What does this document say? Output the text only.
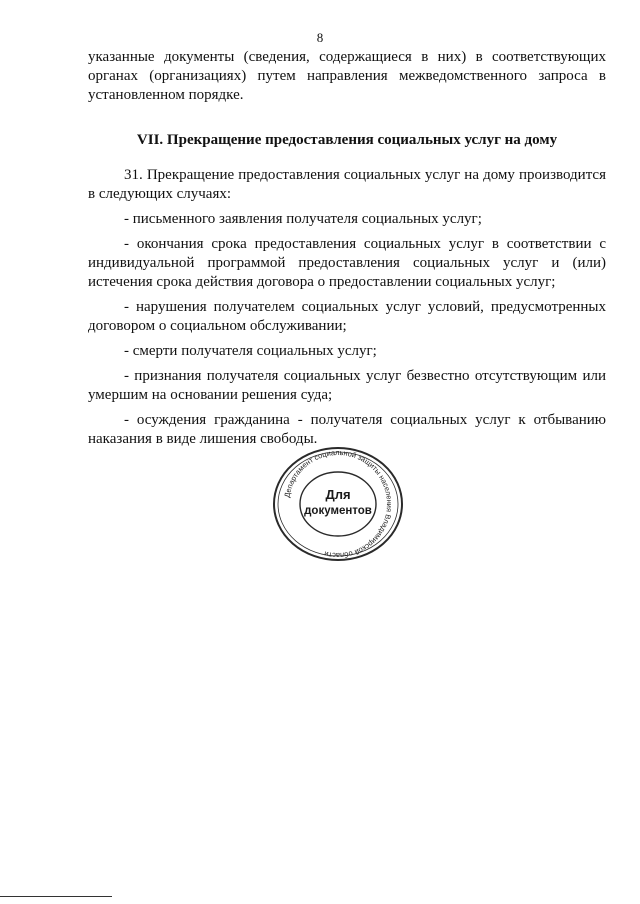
8

указанные документы (сведения, содержащиеся в них) в соответствующих органах (организациях) путем направления межведомственного запроса в установленном порядке.

VII. Прекращение предоставления социальных услуг на дому

31. Прекращение предоставления социальных услуг на дому производится в следующих случаях:

- письменного заявления получателя социальных услуг;

- окончания срока предоставления социальных услуг в соответствии с индивидуальной программой предоставления социальных услуг и (или) истечения срока действия договора о предоставлении социальных услуг;

- нарушения получателем социальных услуг условий, предусмотренных договором о социальном обслуживании;

- смерти получателя социальных услуг;

- признания получателя социальных услуг безвестно отсутствующим или умершим на основании решения суда;

- осуждения гражданина - получателя социальных услуг к отбыванию наказания в виде лишения свободы.

Департамент социальной защиты населения Владимирской области
Для
документов
